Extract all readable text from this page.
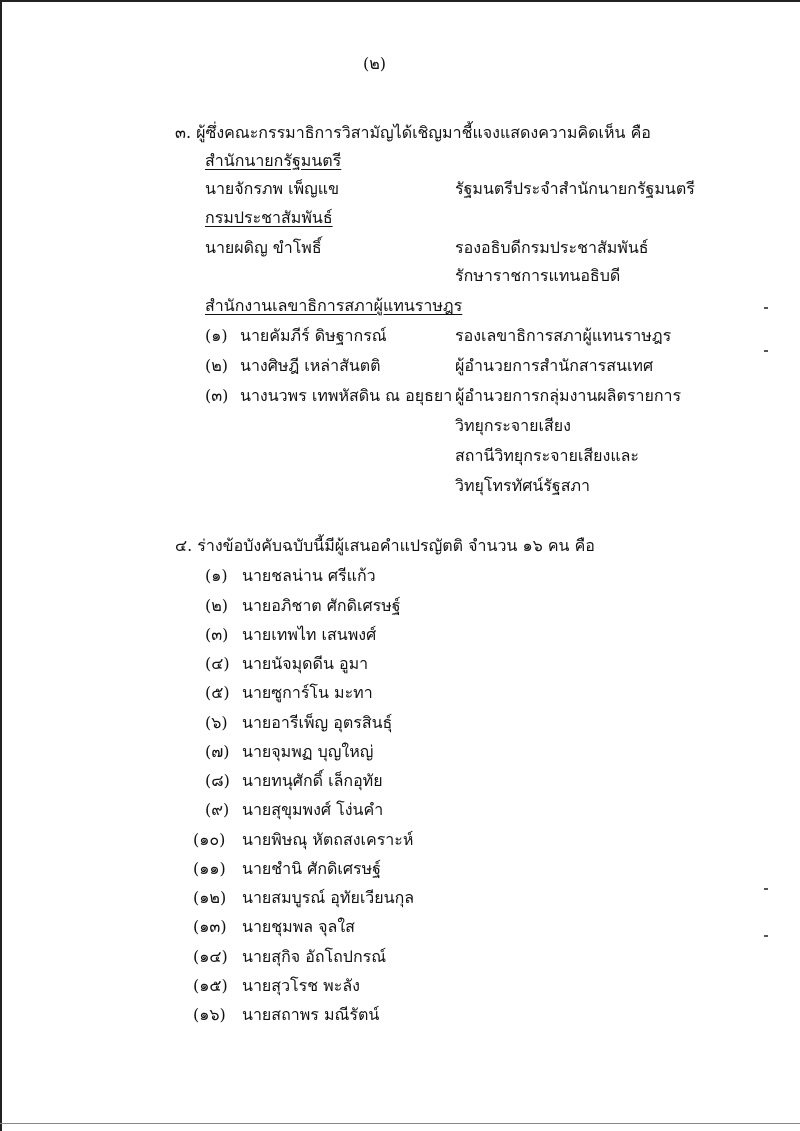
(๒)
๓. ผู้ซึ่งคณะกรรมาธิการวิสามัญได้เชิญมาชี้แจงแสดงความคิดเห็น คือ
สำนักนายกรัฐมนตรี
นายจักรภพ เพ็ญแข	รัฐมนตรีประจำสำนักนายกรัฐมนตรี
กรมประชาสัมพันธ์
นายผดิญ ขำโพธิ์	รองอธิบดีกรมประชาสัมพันธ์
รักษาราชการแทนอธิบดี
สำนักงานเลขาธิการสภาผู้แทนราษฎร
(๑) นายคัมภีร์ ดิษฐากรณ์	รองเลขาธิการสภาผู้แทนราษฎร
(๒) นางศิษฎี เหล่าสันตติ	ผู้อำนวยการสำนักสารสนเทศ
(๓) นางนวพร เทพหัสดิน ณ อยุธยา ผู้อำนวยการกลุ่มงานผลิตรายการ
วิทยุกระจายเสียง
สถานีวิทยุกระจายเสียงและ
วิทยุโทรทัศน์รัฐสภา
๔. ร่างข้อบังคับฉบับนี้มีผู้เสนอคำแปรญัตติ จำนวน ๑๖ คน คือ
(๑) นายชลน่าน ศรีแก้ว
(๒) นายอภิชาต ศักดิเศรษฐ์
(๓) นายเทพไท เสนพงศ์
(๔) นายนัจมุดดีน อูมา
(๕) นายซูการ์โน มะทา
(๖) นายอารีเพ็ญ อุตรสินธุ์
(๗) นายจุมพฏ บุญใหญ่
(๘) นายทนุศักดิ์ เล็กอุทัย
(๙) นายสุขุมพงศ์ โง่นคำ
(๑๐) นายพิษณุ หัตถสงเคราะห์
(๑๑) นายชำนิ ศักดิเศรษฐ์
(๑๒) นายสมบูรณ์ อุทัยเวียนกุล
(๑๓) นายชุมพล จุลใส
(๑๔) นายสุกิจ อัถโถปกรณ์
(๑๕) นายสุวโรช พะลัง
(๑๖) นายสถาพร มณีรัตน์
